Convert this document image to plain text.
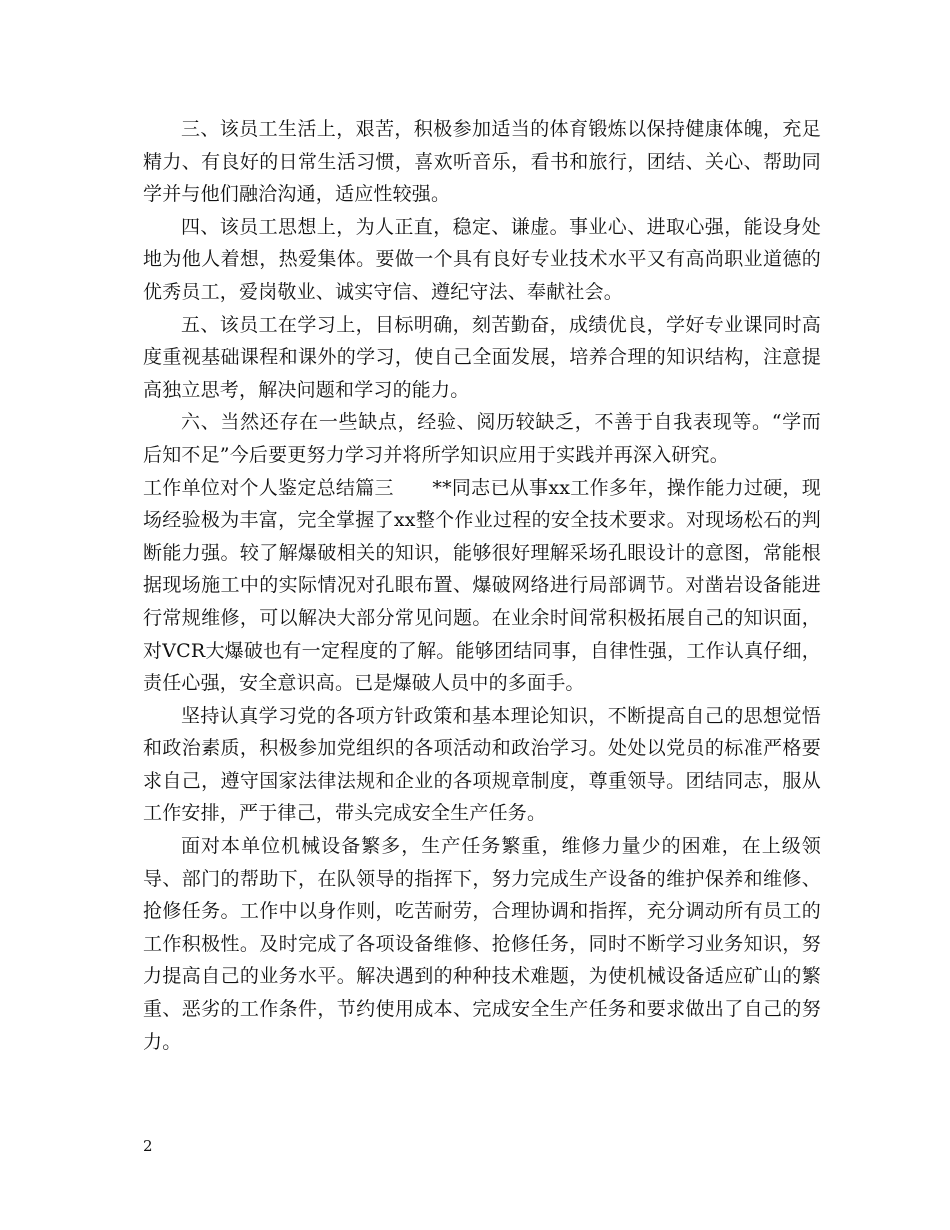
三、该员工生活上，艰苦，积极参加适当的体育锻炼以保持健康体魄，充足精力、有良好的日常生活习惯，喜欢听音乐，看书和旅行，团结、关心、帮助同学并与他们融洽沟通，适应性较强。

四、该员工思想上，为人正直，稳定、谦虚。事业心、进取心强，能设身处地为他人着想，热爱集体。要做一个具有良好专业技术水平又有高尚职业道德的优秀员工，爱岗敬业、诚实守信、遵纪守法、奉献社会。

五、该员工在学习上，目标明确，刻苦勤奋，成绩优良，学好专业课同时高度重视基础课程和课外的学习，使自己全面发展，培养合理的知识结构，注意提高独立思考，解决问题和学习的能力。

六、当然还存在一些缺点，经验、阅历较缺乏，不善于自我表现等。“学而后知不足”今后要更努力学习并将所学知识应用于实践并再深入研究。

工作单位对个人鉴定总结篇三　　**同志已从事xx工作多年，操作能力过硬，现场经验极为丰富，完全掌握了xx整个作业过程的安全技术要求。对现场松石的判断能力强。较了解爆破相关的知识，能够很好理解采场孔眼设计的意图，常能根据现场施工中的实际情况对孔眼布置、爆破网络进行局部调节。对凿岩设备能进行常规维修，可以解决大部分常见问题。在业余时间常积极拓展自己的知识面，对VCR大爆破也有一定程度的了解。能够团结同事，自律性强，工作认真仔细，责任心强，安全意识高。已是爆破人员中的多面手。

坚持认真学习党的各项方针政策和基本理论知识，不断提高自己的思想觉悟和政治素质，积极参加党组织的各项活动和政治学习。处处以党员的标准严格要求自己，遵守国家法律法规和企业的各项规章制度，尊重领导。团结同志，服从工作安排，严于律己，带头完成安全生产任务。

面对本单位机械设备繁多，生产任务繁重，维修力量少的困难，在上级领导、部门的帮助下，在队领导的指挥下，努力完成生产设备的维护保养和维修、抢修任务。工作中以身作则，吃苦耐劳，合理协调和指挥，充分调动所有员工的工作积极性。及时完成了各项设备维修、抢修任务，同时不断学习业务知识，努力提高自己的业务水平。解决遇到的种种技术难题，为使机械设备适应矿山的繁重、恶劣的工作条件，节约使用成本、完成安全生产任务和要求做出了自己的努力。

2
